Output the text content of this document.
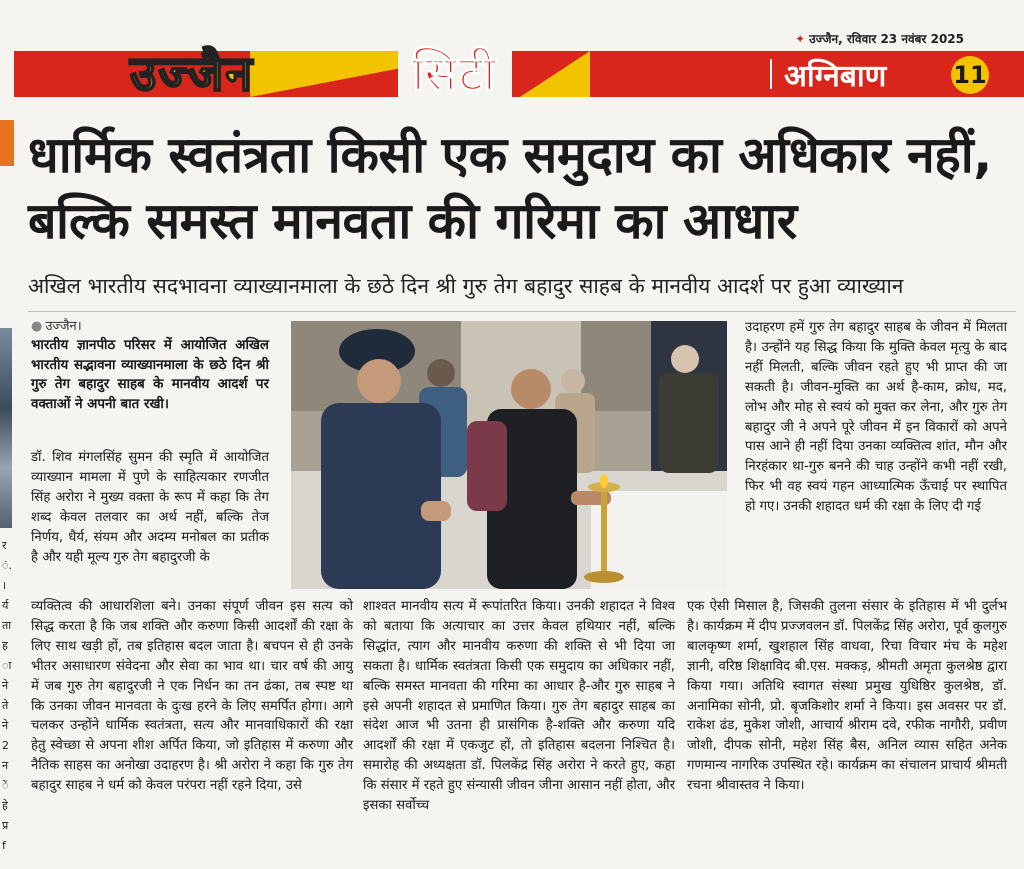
र
ं.
।
र्य
ता
ह
ा
ने
ते
ने
2
न
ें
हे
प्र
f
✦ उज्जैन, रविवार 23 नवंबर 2025
उज्जैन	सिटी	अग्निबाण	11
धार्मिक स्वतंत्रता किसी एक समुदाय का अधिकार नहीं, बल्कि समस्त मानवता की गरिमा का आधार
अखिल भारतीय सदभावना व्याख्यानमाला के छठे दिन श्री गुरु तेग बहादुर साहब के मानवीय आदर्श पर हुआ व्याख्यान
● उज्जैन।
भारतीय ज्ञानपीठ परिसर में आयोजित अखिल भारतीय सद्भावना व्याख्यानमाला के छठे दिन श्री गुरु तेग बहादुर साहब के मानवीय आदर्श पर वक्ताओं ने अपनी बात रखी।
डॉ. शिव मंगलसिंह सुमन की स्मृति में आयोजित व्याख्यान मामला में पुणे के साहित्यकार रणजीत सिंह अरोरा ने मुख्य वक्ता के रूप में कहा कि तेग शब्द केवल तलवार का अर्थ नहीं, बल्कि तेज निर्णय, धैर्य, संयम और अदम्य मनोबल का प्रतीक है और यही मूल्य गुरु तेग बहादुरजी के
व्यक्तित्व की आधारशिला बने। उनका संपूर्ण जीवन इस सत्य को सिद्ध करता है कि जब शक्ति और करुणा किसी आदर्शों की रक्षा के लिए साथ खड़ी हों, तब इतिहास बदल जाता है। बचपन से ही उनके भीतर असाधारण संवेदना और सेवा का भाव था। चार वर्ष की आयु में जब गुरु तेग बहादुरजी ने एक निर्धन का तन ढंका, तब स्पष्ट था कि उनका जीवन मानवता के दुःख हरने के लिए समर्पित होगा। आगे चलकर उन्होंने धार्मिक स्वतंत्रता, सत्य और मानवाधिकारों की रक्षा हेतु स्वेच्छा से अपना शीश अर्पित किया, जो इतिहास में करुणा और नैतिक साहस का अनोखा उदाहरण है। श्री अरोरा ने कहा कि गुरु तेग बहादुर साहब ने धर्म को केवल परंपरा नहीं रहने दिया, उसे
शाश्वत मानवीय सत्य में रूपांतरित किया। उनकी शहादत ने विश्व को बताया कि अत्याचार का उत्तर केवल हथियार नहीं, बल्कि सिद्धांत, त्याग और मानवीय करुणा की शक्ति से भी दिया जा सकता है। धार्मिक स्वतंत्रता किसी एक समुदाय का अधिकार नहीं, बल्कि समस्त मानवता की गरिमा का आधार है-और गुरु साहब ने इसे अपनी शहादत से प्रमाणित किया। गुरु तेग बहादुर साहब का संदेश आज भी उतना ही प्रासंगिक है-शक्ति और करुणा यदि आदर्शों की रक्षा में एकजुट हों, तो इतिहास बदलना निश्चित है। समारोह की अध्यक्षता डॉ. पिलकेंद्र सिंह अरोरा ने करते हुए, कहा कि संसार में रहते हुए संन्यासी जीवन जीना आसान नहीं होता, और इसका सर्वोच्च
उदाहरण हमें गुरु तेग बहादुर साहब के जीवन में मिलता है। उन्होंने यह सिद्ध किया कि मुक्ति केवल मृत्यु के बाद नहीं मिलती, बल्कि जीवन रहते हुए भी प्राप्त की जा सकती है। जीवन-मुक्ति का अर्थ है-काम, क्रोध, मद, लोभ और मोह से स्वयं को मुक्त कर लेना, और गुरु तेग बहादुर जी ने अपने पूरे जीवन में इन विकारों को अपने पास आने ही नहीं दिया उनका व्यक्तित्व शांत, मौन और निरहंकार था-गुरु बनने की चाह उन्होंने कभी नहीं रखी, फिर भी वह स्वयं गहन आध्यात्मिक ऊँचाई पर स्थापित हो गए। उनकी शहादत धर्म की रक्षा के लिए दी गई
एक ऐसी मिसाल है, जिसकी तुलना संसार के इतिहास में भी दुर्लभ है। कार्यक्रम में दीप प्रज्जवलन डॉ. पिलकेंद्र सिंह अरोरा, पूर्व कुलगुरु बालकृष्ण शर्मा, खुशहाल सिंह वाधवा, रिचा विचार मंच के महेश ज्ञानी, वरिष्ठ शिक्षाविद बी.एस. मक्कड़, श्रीमती अमृता कुलश्रेष्ठ द्वारा किया गया। अतिथि स्वागत संस्था प्रमुख युधिष्ठिर कुलश्रेष्ठ, डॉ. अनामिका सोनी, प्रो. बृजकिशोर शर्मा ने किया। इस अवसर पर डॉ. राकेश ढंड, मुकेश जोशी, आचार्य श्रीराम दवे, रफीक नागौरी, प्रवीण जोशी, दीपक सोनी, महेश सिंह बैस, अनिल व्यास सहित अनेक गणमान्य नागरिक उपस्थित रहे। कार्यक्रम का संचालन प्राचार्य श्रीमती रचना श्रीवास्तव ने किया।
